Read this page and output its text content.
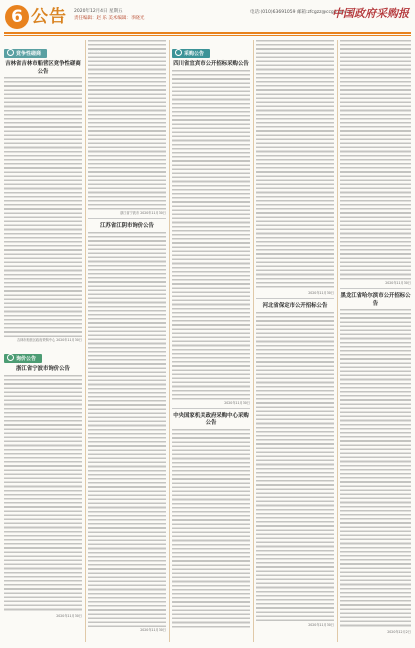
6 公告 2020年12月4日 星期五
责任编辑：赵 乐 美术编辑：李晓光
电话:(010)63691059 邮箱:zfcgzz@ccgp.gov.cn
中国政府采购报
竞争性磋商
吉林省吉林市船营区竞争性磋商公告
吉林市船营区政府采购中心 2020年11月30日
询价公告
浙江省宁波市询价公告
2020年11月30日
浙江省宁波市 2020年11月30日
江苏省江阴市询价公告
2020年11月30日
采购公告
四川省宜宾市公开招标采购公告
2020年11月30日
中央国家机关政府采购中心采购公告
2020年11月30日
河北省保定市公开招标公告
2020年11月30日
2020年11月30日
黑龙江省哈尔滨市公开招标公告
2020年12月2日
